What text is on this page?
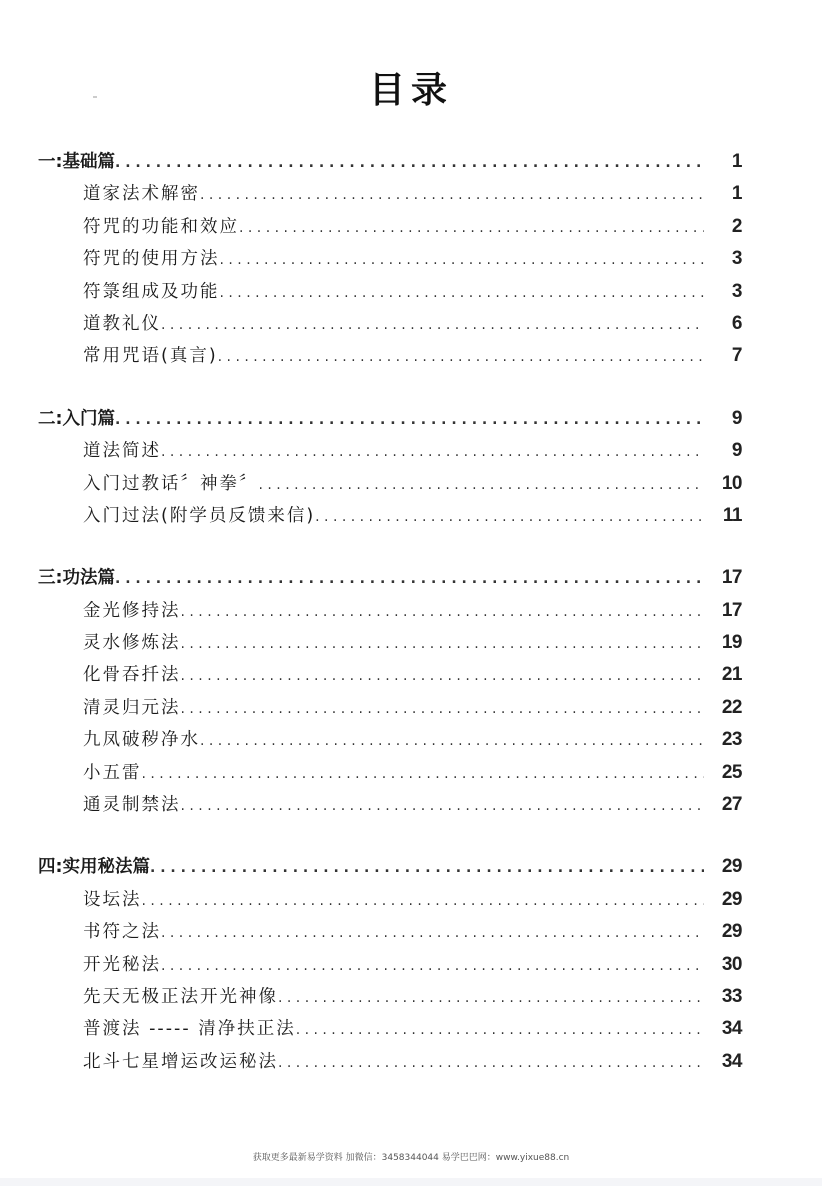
目录
一:基础篇 . . .	1
道家法术解密 . . .	1
符咒的功能和效应 . . .	2
符咒的使用方法 . . .	3
符箓组成及功能 . . .	3
道教礼仪 . . .	6
常用咒语(真言) . . .	7
二:入门篇 . . .	9
道法简述 . . .	9
入门过教话〞神拳〞 . . .	10
入门过法(附学员反馈来信) . . .	11
三:功法篇 . . .	17
金光修持法 . . .	17
灵水修炼法 . . .	19
化骨吞扦法 . . .	21
清灵归元法 . . .	22
九凤破秽净水 . . .	23
小五雷 . . .	25
通灵制禁法 . . .	27
四:实用秘法篇 . . .	29
设坛法 . . .	29
书符之法 . . .	29
开光秘法 . . .	30
先天无极正法开光神像 . . .	33
普渡法 ----- 清净扶正法 . . .	34
北斗七星增运改运秘法 . . .	34
获取更多最新易学资料 加微信：3458344044 易学巴巴网：www.yixue88.cn
